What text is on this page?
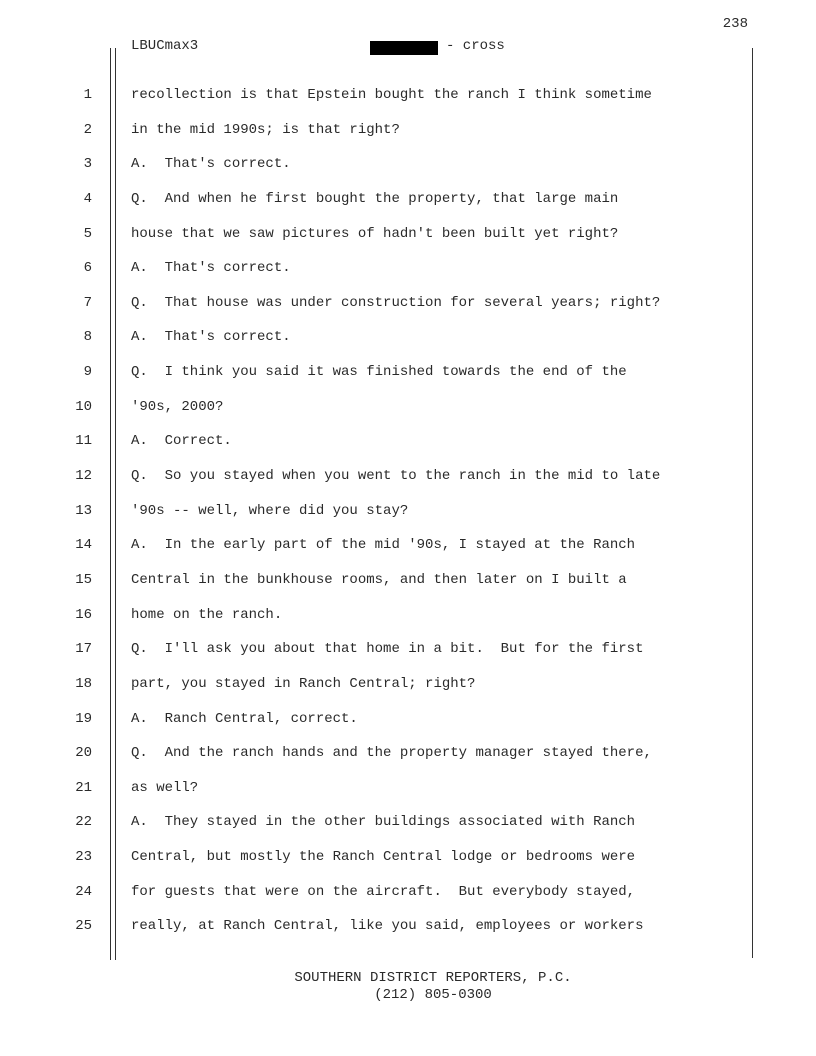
238
LBUCmax3	- cross
1	recollection is that Epstein bought the ranch I think sometime
2	in the mid 1990s; is that right?
3	A.  That's correct.
4	Q.  And when he first bought the property, that large main
5	house that we saw pictures of hadn't been built yet right?
6	A.  That's correct.
7	Q.  That house was under construction for several years; right?
8	A.  That's correct.
9	Q.  I think you said it was finished towards the end of the
10	'90s, 2000?
11	A.  Correct.
12	Q.  So you stayed when you went to the ranch in the mid to late
13	'90s -- well, where did you stay?
14	A.  In the early part of the mid '90s, I stayed at the Ranch
15	Central in the bunkhouse rooms, and then later on I built a
16	home on the ranch.
17	Q.  I'll ask you about that home in a bit.  But for the first
18	part, you stayed in Ranch Central; right?
19	A.  Ranch Central, correct.
20	Q.  And the ranch hands and the property manager stayed there,
21	as well?
22	A.  They stayed in the other buildings associated with Ranch
23	Central, but mostly the Ranch Central lodge or bedrooms were
24	for guests that were on the aircraft.  But everybody stayed,
25	really, at Ranch Central, like you said, employees or workers
SOUTHERN DISTRICT REPORTERS, P.C.
(212) 805-0300
